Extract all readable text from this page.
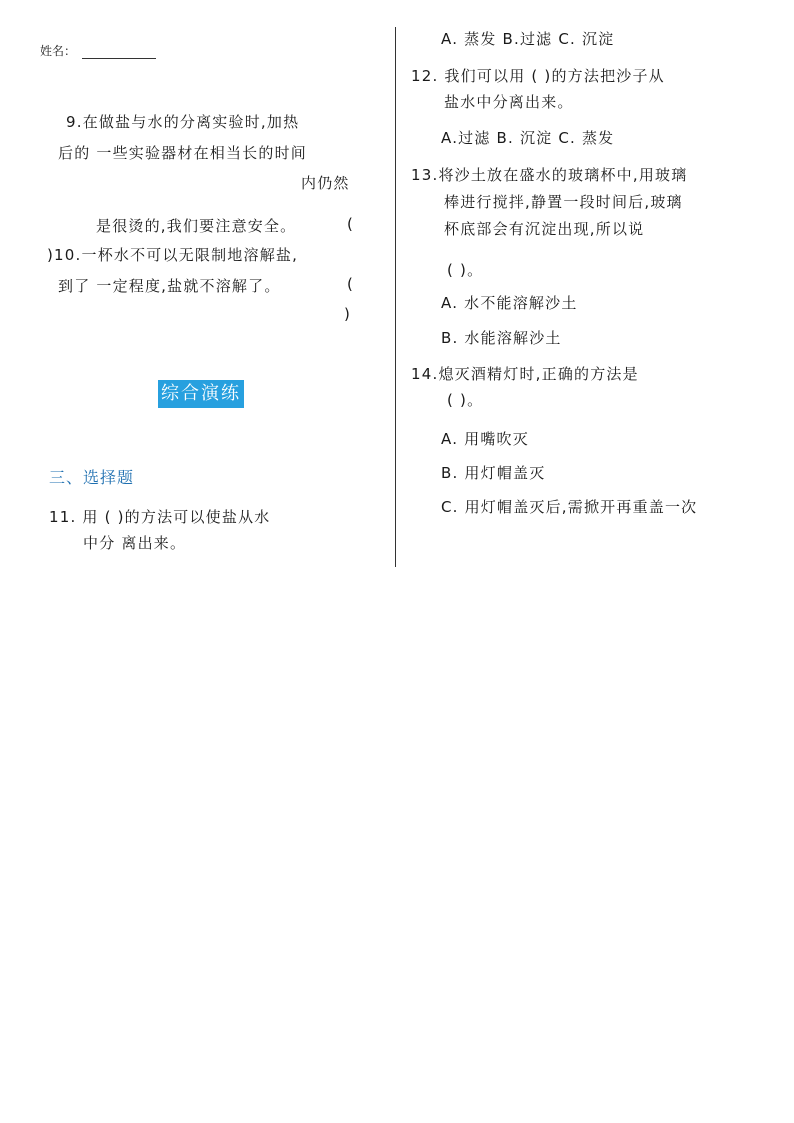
姓名：
9.在做盐与水的分离实验时,加热
后的 一些实验器材在相当长的时间
内仍然
是很烫的,我们要注意安全。	(
)10.一杯水不可以无限制地溶解盐,
到了 一定程度,盐就不溶解了。	(
)
综合演练
三、选择题
11. 用 ( )的方法可以使盐从水
中分 离出来。
A. 蒸发 B.过滤 C. 沉淀
12. 我们可以用 ( )的方法把沙子从
盐水中分离出来。
A.过滤 B. 沉淀 C. 蒸发
13.将沙土放在盛水的玻璃杯中,用玻璃
棒进行搅拌,静置一段时间后,玻璃
杯底部会有沉淀出现,所以说
( )。
A. 水不能溶解沙土
B. 水能溶解沙土
14.熄灭酒精灯时,正确的方法是
( )。
A. 用嘴吹灭
B. 用灯帽盖灭
C. 用灯帽盖灭后,需掀开再重盖一次
